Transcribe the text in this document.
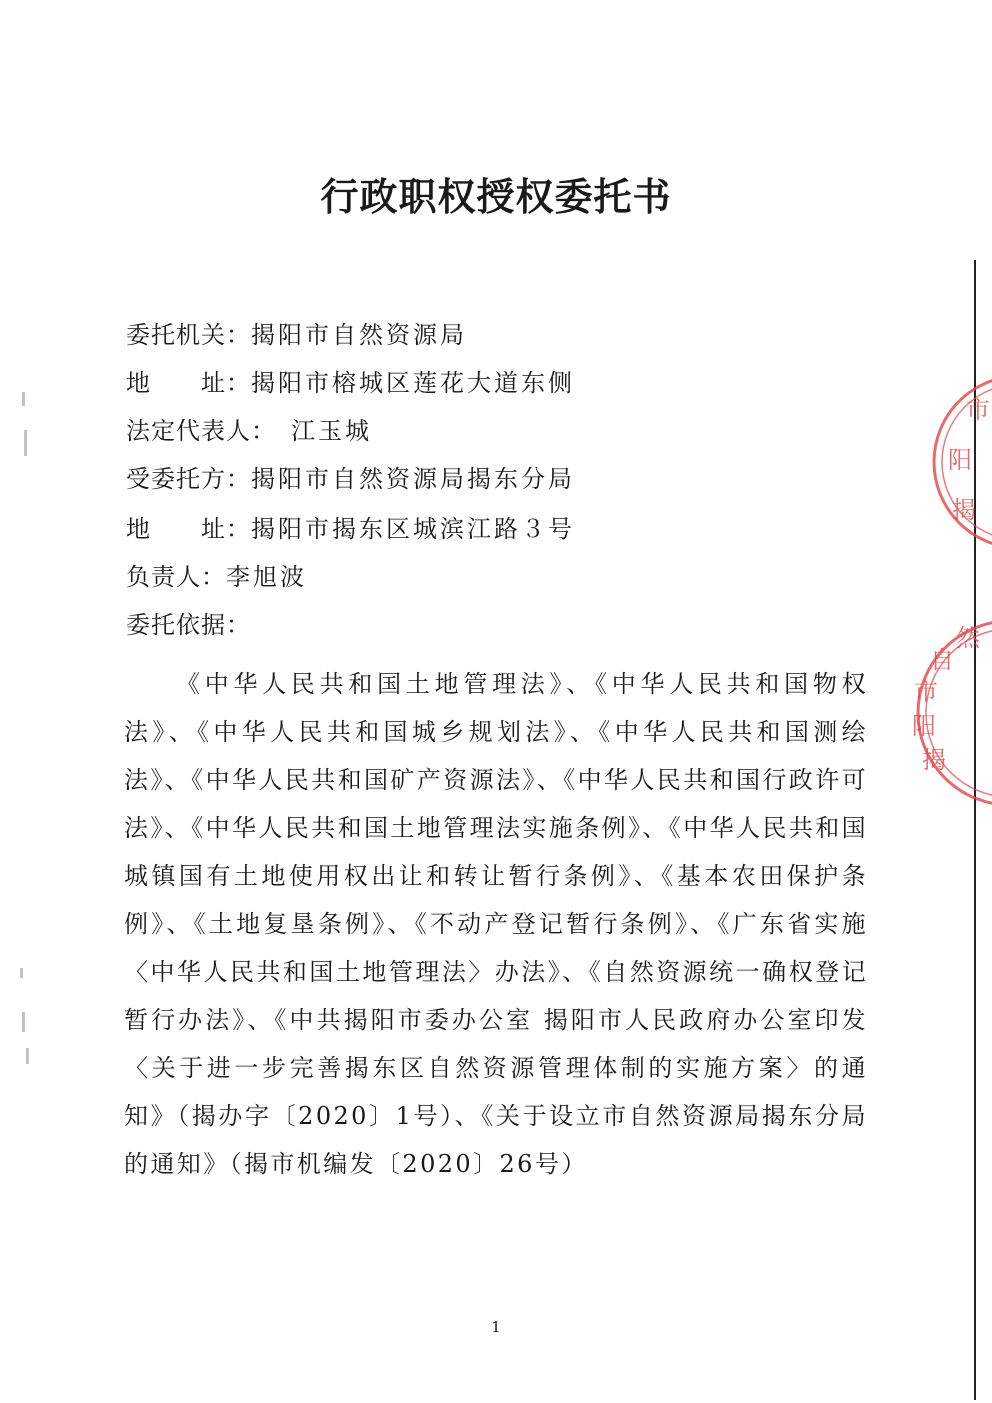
行政职权授权委托书
委托机关：揭阳市自然资源局
地　　址：揭阳市榕城区莲花大道东侧
法定代表人：　江玉城
受委托方：揭阳市自然资源局揭东分局
地　　址：揭阳市揭东区城滨江路３号
负责人：李旭波
委托依据：
《中华人民共和国土地管理法》、《中华人民共和国物权法》、《中华人民共和国城乡规划法》、《中华人民共和国测绘法》、《中华人民共和国矿产资源法》、《中华人民共和国行政许可法》、《中华人民共和国土地管理法实施条例》、《中华人民共和国城镇国有土地使用权出让和转让暂行条例》、《基本农田保护条例》、《土地复垦条例》、《不动产登记暂行条例》、《广东省实施〈中华人民共和国土地管理法〉办法》、《自然资源统一确权登记暂行办法》、《中共揭阳市委办公室 揭阳市人民政府办公室印发〈关于进一步完善揭东区自然资源管理体制的实施方案〉的通知》（揭办字〔2020〕1号）、《关于设立市自然资源局揭东分局的通知》（揭市机编发〔2020〕26号）
1
市
阳
揭
揭
阳
市
自
然
